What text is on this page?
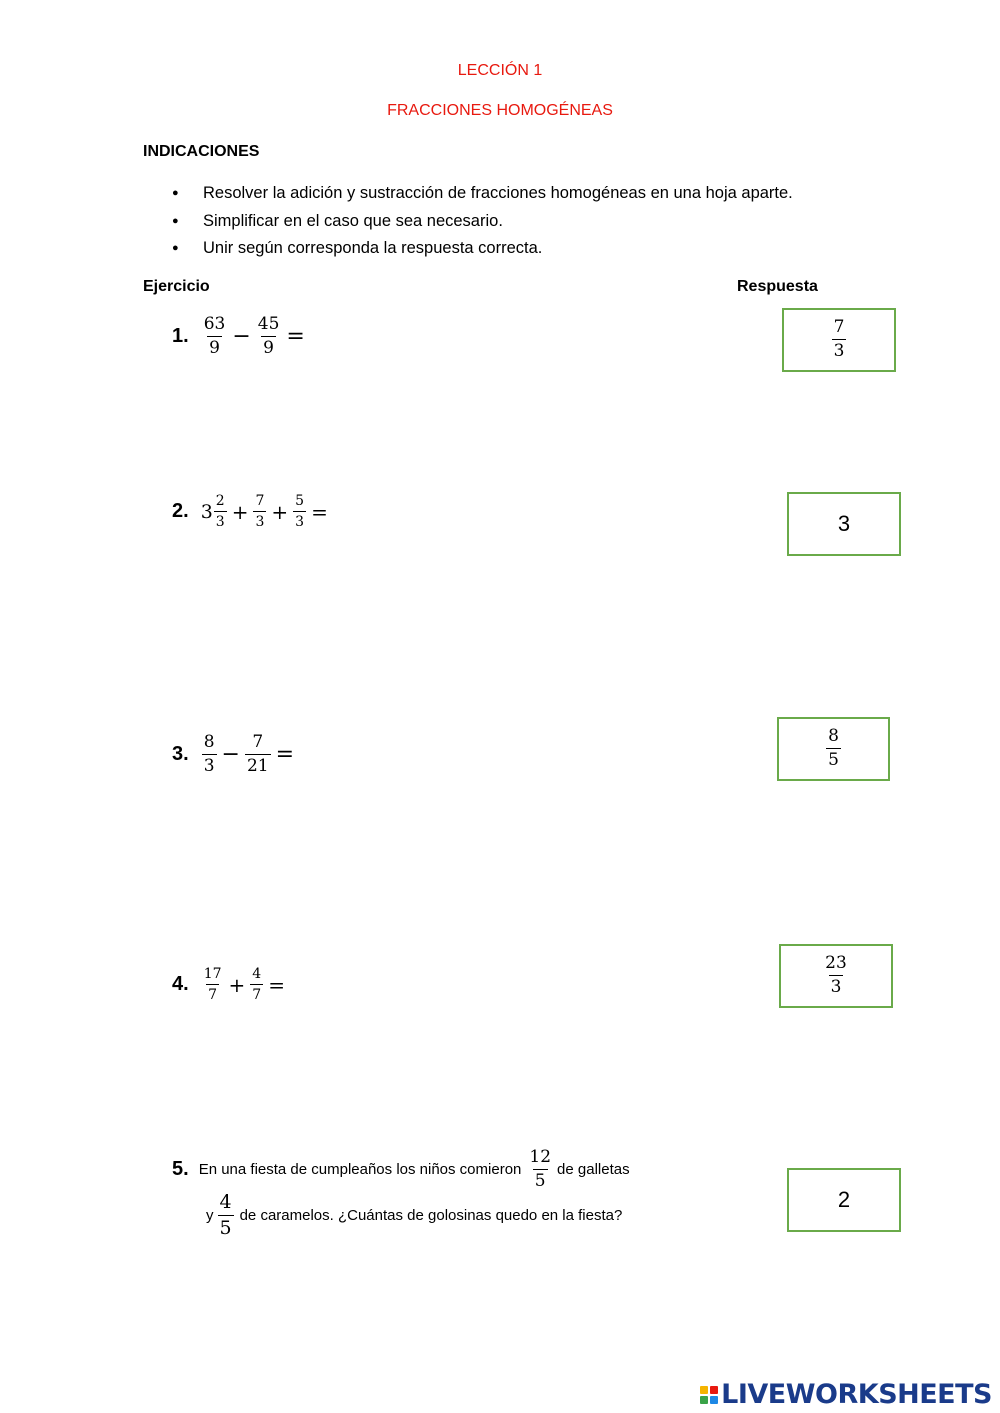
LECCIÓN 1
FRACCIONES HOMOGÉNEAS
INDICACIONES
● Resolver la adición y sustracción de fracciones homogéneas en una hoja aparte.
● Simplificar en el caso que sea necesario.
● Unir según corresponda la respuesta correcta.
Ejercicio	Respuesta
1. $\frac{63}{9} - \frac{45}{9}$ =
2. $3 \frac{2}{3} + \frac{7}{3} + \frac{5}{3}$ =
3. $\frac{8}{3} - \frac{7}{21}$ =
4. $\frac{17}{7} + \frac{4}{7}$ =
5. En una fiesta de cumpleaños los niños comieron $\frac{12}{5}$ de galletas
y $\frac{4}{5}$ de caramelos. ¿Cuántas de golosinas quedo en la fiesta?
$\frac{7}{3}$
3
$\frac{8}{5}$
$\frac{23}{3}$
2
LIVEWORKSHEETS
